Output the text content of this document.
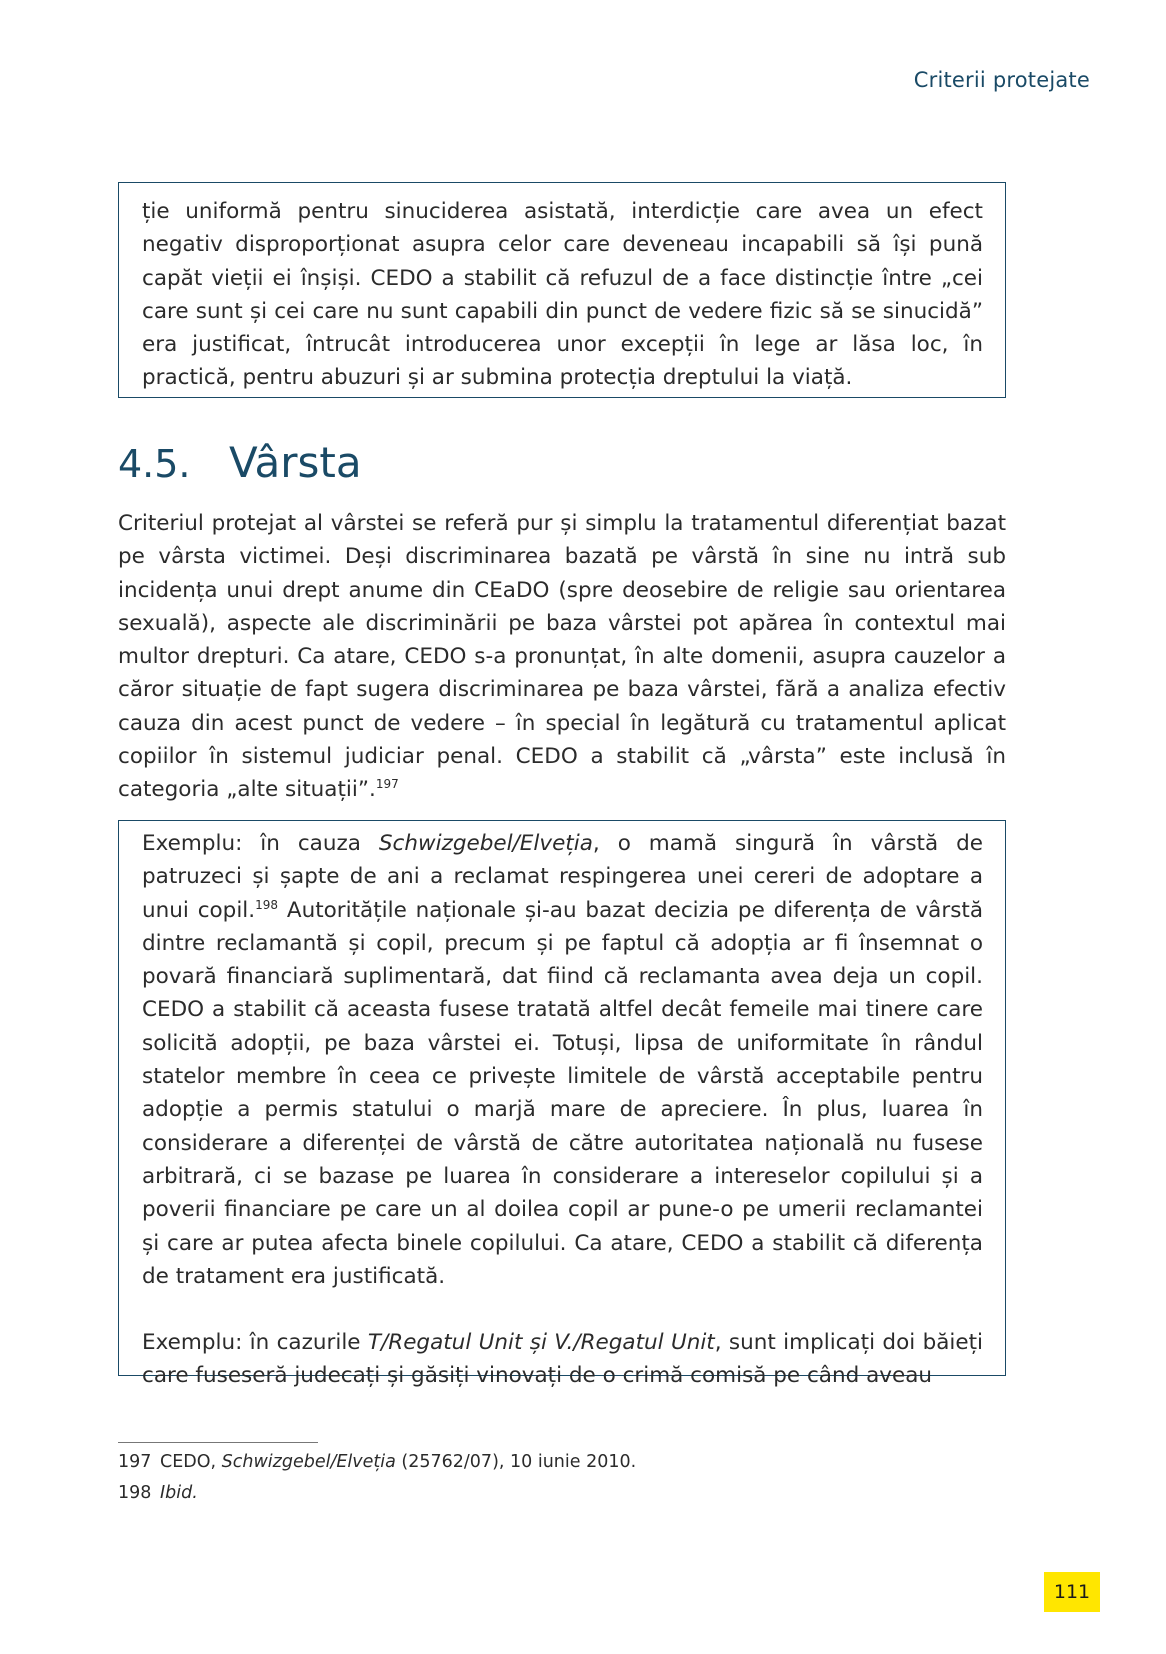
Criterii protejate

ție uniformă pentru sinuciderea asistată, interdicție care avea un efect negativ disproporționat asupra celor care deveneau incapabili să își pună capăt vieții ei înșiși. CEDO a stabilit că refuzul de a face distincție între „cei care sunt și cei care nu sunt capabili din punct de vedere fizic să se sinucidă” era justificat, întrucât introducerea unor excepții în lege ar lăsa loc, în practică, pentru abuzuri și ar submina protecția dreptului la viață.

4.5. Vârsta

Criteriul protejat al vârstei se referă pur și simplu la tratamentul diferențiat bazat pe vârsta victimei. Deși discriminarea bazată pe vârstă în sine nu intră sub incidența unui drept anume din CEaDO (spre deosebire de religie sau orientarea sexuală), aspecte ale discriminării pe baza vârstei pot apărea în contextul mai multor drepturi. Ca atare, CEDO s-a pronunțat, în alte domenii, asupra cauzelor a căror situație de fapt sugera discriminarea pe baza vârstei, fără a analiza efectiv cauza din acest punct de vedere – în special în legătură cu tratamentul aplicat copiilor în sistemul judiciar penal. CEDO a stabilit că „vârsta” este inclusă în categoria „alte situații”.$^{197}$

Exemplu: în cauza Schwizgebel/Elveția, o mamă singură în vârstă de patruzeci și șapte de ani a reclamat respingerea unei cereri de adoptare a unui copil.$^{198}$ Autoritățile naționale și-au bazat decizia pe diferența de vârstă dintre reclamantă și copil, precum și pe faptul că adopția ar fi însemnat o povară financiară suplimentară, dat fiind că reclamanta avea deja un copil. CEDO a stabilit că aceasta fusese tratată altfel decât femeile mai tinere care solicită adopții, pe baza vârstei ei. Totuși, lipsa de uniformitate în rândul statelor membre în ceea ce privește limitele de vârstă acceptabile pentru adopție a permis statului o marjă mare de apreciere. În plus, luarea în considerare a diferenței de vârstă de către autoritatea națională nu fusese arbitrară, ci se bazase pe luarea în considerare a intereselor copilului și a poverii financiare pe care un al doilea copil ar pune-o pe umerii reclamantei și care ar putea afecta binele copilului. Ca atare, CEDO a stabilit că diferența de tratament era justificată.

Exemplu: în cazurile T/Regatul Unit și V./Regatul Unit, sunt implicați doi băieți care fuseseră judecați și găsiți vinovați de o crimă comisă pe când aveau

197 CEDO, Schwizgebel/Elveția (25762/07), 10 iunie 2010.
198 Ibid.
111
